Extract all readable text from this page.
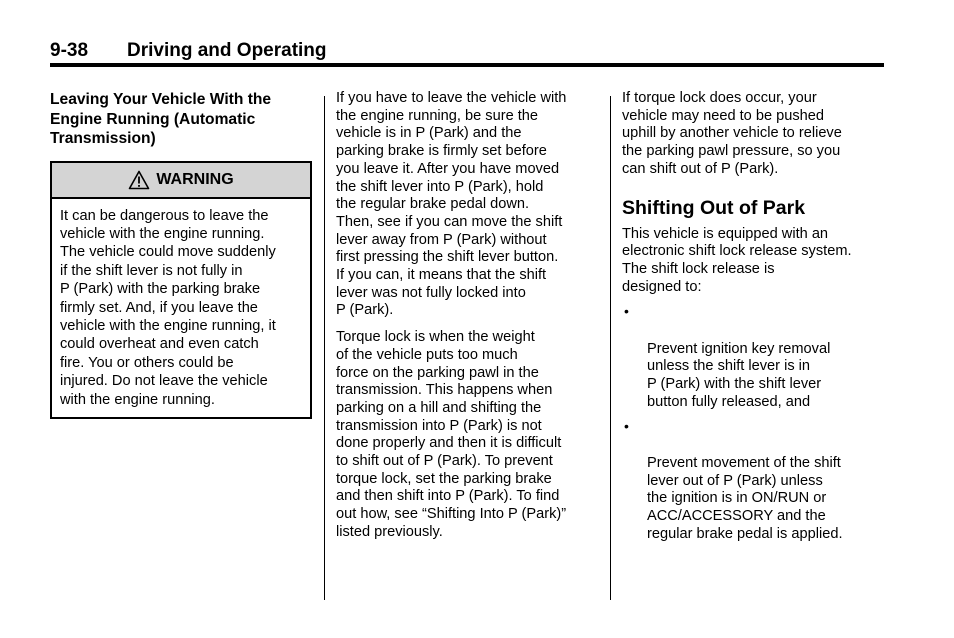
9-38 Driving and Operating
Leaving Your Vehicle With the
Engine Running (Automatic
Transmission)
WARNING
It can be dangerous to leave the
vehicle with the engine running.
The vehicle could move suddenly
if the shift lever is not fully in
P (Park) with the parking brake
firmly set. And, if you leave the
vehicle with the engine running, it
could overheat and even catch
fire. You or others could be
injured. Do not leave the vehicle
with the engine running.

If you have to leave the vehicle with
the engine running, be sure the
vehicle is in P (Park) and the
parking brake is firmly set before
you leave it. After you have moved
the shift lever into P (Park), hold
the regular brake pedal down.
Then, see if you can move the shift
lever away from P (Park) without
first pressing the shift lever button.
If you can, it means that the shift
lever was not fully locked into
P (Park).

Torque lock is when the weight
of the vehicle puts too much
force on the parking pawl in the
transmission. This happens when
parking on a hill and shifting the
transmission into P (Park) is not
done properly and then it is difficult
to shift out of P (Park). To prevent
torque lock, set the parking brake
and then shift into P (Park). To find
out how, see “Shifting Into P (Park)”
listed previously.

If torque lock does occur, your
vehicle may need to be pushed
uphill by another vehicle to relieve
the parking pawl pressure, so you
can shift out of P (Park).

Shifting Out of Park

This vehicle is equipped with an
electronic shift lock release system.
The shift lock release is
designed to:

•

Prevent ignition key removal
unless the shift lever is in
P (Park) with the shift lever
button fully released, and

•

Prevent movement of the shift
lever out of P (Park) unless
the ignition is in ON/RUN or
ACC/ACCESSORY and the
regular brake pedal is applied.
